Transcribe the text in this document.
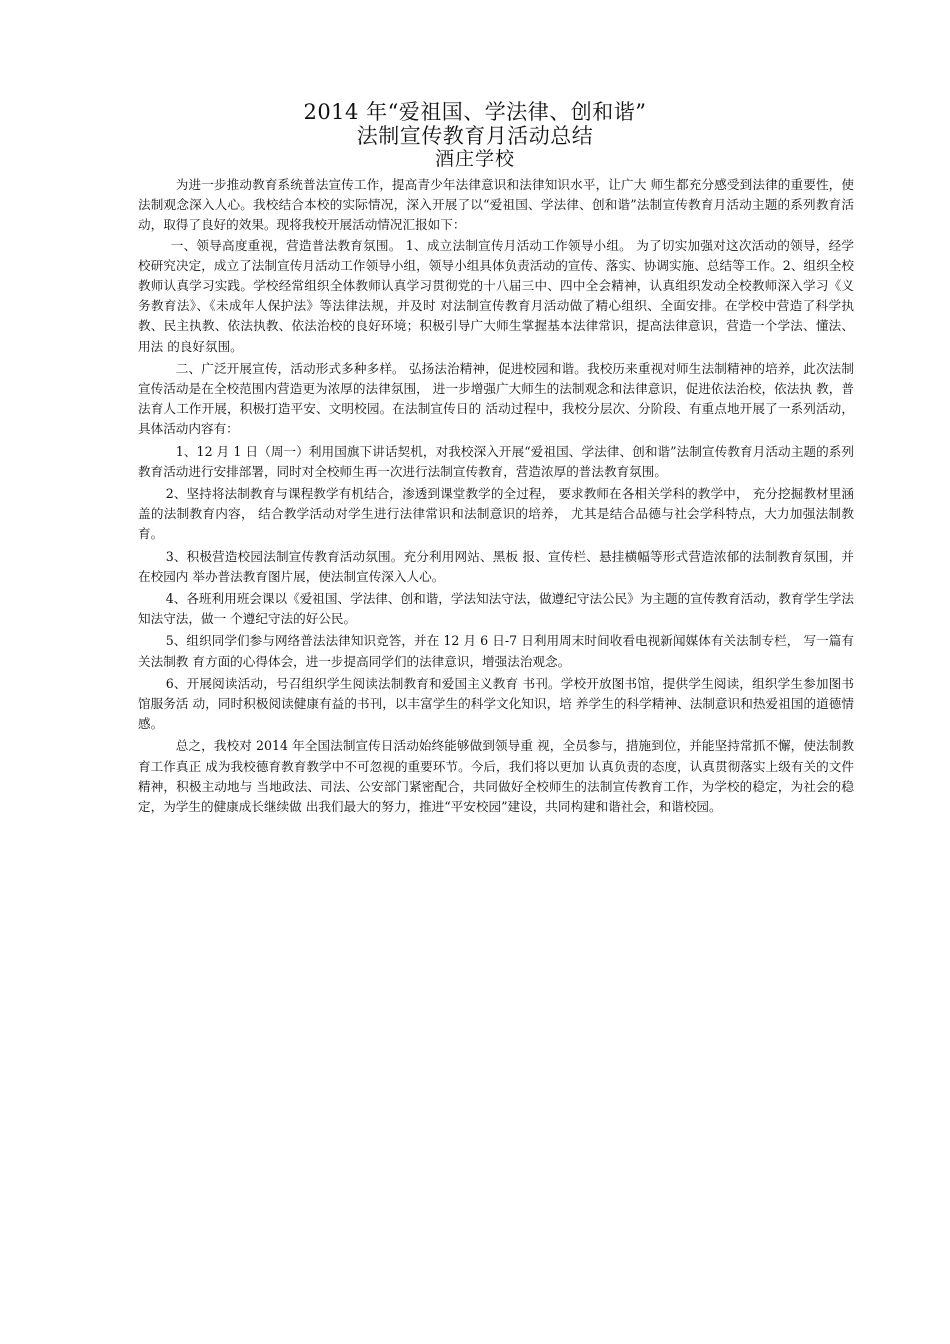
2014 年“爱祖国、学法律、创和谐”
法制宣传教育月活动总结
酒庄学校

为进一步推动教育系统普法宣传工作，提高青少年法律意识和法律知识水平，让广大 师生都充分感受到法律的重要性，使法制观念深入人心。我校结合本校的实际情况，深入开展了以“爱祖国、学法律、创和谐”法制宣传教育月活动主题的系列教育活动，取得了良好的效果。现将我校开展活动情况汇报如下：

一、领导高度重视，营造普法教育氛围。 1、成立法制宣传月活动工作领导小组。 为了切实加强对这次活动的领导，经学校研究决定，成立了法制宣传月活动工作领导小组，领导小组具体负责活动的宣传、落实、协调实施、总结等工作。2、组织全校教师认真学习实践。学校经常组织全体教师认真学习贯彻党的十八届三中、四中全会精神，认真组织发动全校教师深入学习《义务教育法》、《未成年人保护法》等法律法规，并及时 对法制宣传教育月活动做了精心组织、全面安排。在学校中营造了科学执教、民主执教、依法执教、依法治校的良好环境；积极引导广大师生掌握基本法律常识，提高法律意识，营造一个学法、懂法、用法 的良好氛围。

二、广泛开展宣传，活动形式多种多样。 弘扬法治精神，促进校园和谐。我校历来重视对师生法制精神的培养，此次法制宣传活动是在全校范围内营造更为浓厚的法律氛围， 进一步增强广大师生的法制观念和法律意识，促进依法治校，依法执 教，普法育人工作开展，积极打造平安、文明校园。在法制宣传日的 活动过程中，我校分层次、分阶段、有重点地开展了一系列活动，具体活动内容有：

1、12 月 1 日（周一）利用国旗下讲话契机，对我校深入开展“爱祖国、学法律、创和谐”法制宣传教育月活动主题的系列教育活动进行安排部署，同时对全校师生再一次进行法制宣传教育，营造浓厚的普法教育氛围。

2、坚持将法制教育与课程教学有机结合，渗透到课堂教学的全过程， 要求教师在各相关学科的教学中， 充分挖掘教材里涵盖的法制教育内容， 结合教学活动对学生进行法律常识和法制意识的培养， 尤其是结合品德与社会学科特点，大力加强法制教育。

3、积极营造校园法制宣传教育活动氛围。充分利用网站、黑板 报、宣传栏、悬挂横幅等形式营造浓郁的法制教育氛围，并在校园内 举办普法教育图片展，使法制宣传深入人心。

4、各班利用班会课以《爱祖国、学法律、创和谐，学法知法守法，做遵纪守法公民》为主题的宣传教育活动，教育学生学法知法守法，做一 个遵纪守法的好公民。

5、组织同学们参与网络普法法律知识竞答，并在 12 月 6 日-7 日利用周末时间收看电视新闻媒体有关法制专栏， 写一篇有关法制教 育方面的心得体会，进一步提高同学们的法律意识，增强法治观念。

6、开展阅读活动，号召组织学生阅读法制教育和爱国主义教育 书刊。学校开放图书馆，提供学生阅读，组织学生参加图书馆服务活 动，同时积极阅读健康有益的书刊，以丰富学生的科学文化知识，培 养学生的科学精神、法制意识和热爱祖国的道德情感。

总之，我校对 2014 年全国法制宣传日活动始终能够做到领导重 视，全员参与，措施到位，并能坚持常抓不懈，使法制教育工作真正 成为我校德育教育教学中不可忽视的重要环节。今后，我们将以更加 认真负责的态度，认真贯彻落实上级有关的文件精神，积极主动地与 当地政法、司法、公安部门紧密配合，共同做好全校师生的法制宣传教育工作，为学校的稳定，为社会的稳定，为学生的健康成长继续做 出我们最大的努力，推进“平安校园”建设，共同构建和谐社会，和谐校园。
